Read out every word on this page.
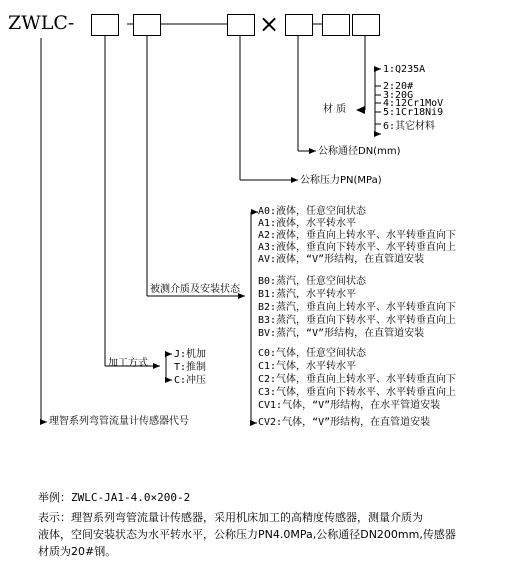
ZWLC-	×
材 质
1:Q235A
2:20#
3:20G
4:12Cr1MoV
5:1Cr18Ni9
6:其它材料
公称通径DN(mm)
公称压力PN(MPa)
被测介质及安装状态
A0:液体，任意空间状态
A1:液体，水平转水平
A2:液体，垂直向上转水平、水平转垂直向下
A3:液体，垂直向下转水平、水平转垂直向上
AV:液体，“V”形结构，在直管道安装
B0:蒸汽，任意空间状态
B1:蒸汽，水平转水平
B2:蒸汽，垂直向上转水平、水平转垂直向下
B3:蒸汽，垂直向下转水平、水平转垂直向上
BV:蒸汽，“V”形结构，在直管道安装
C0:气体，任意空间状态
C1:气体，水平转水平
C2:气体，垂直向上转水平、水平转垂直向下
C3:气体，垂直向下转水平、水平转垂直向上
CV1:气体，“V”形结构，在水平管道安装
CV2:气体，“V”形结构，在直管道安装
加工方式
J:机加
T:推制
C:冲压
理智系列弯管流量计传感器代号
举例：ZWLC-JA1-4.0×200-2
表示：理智系列弯管流量计传感器，采用机床加工的高精度传感器，测量介质为
液体，空间安装状态为水平转水平，公称压力PN4.0MPa,公称通径DN200mm,传感器
材质为20#钢。
